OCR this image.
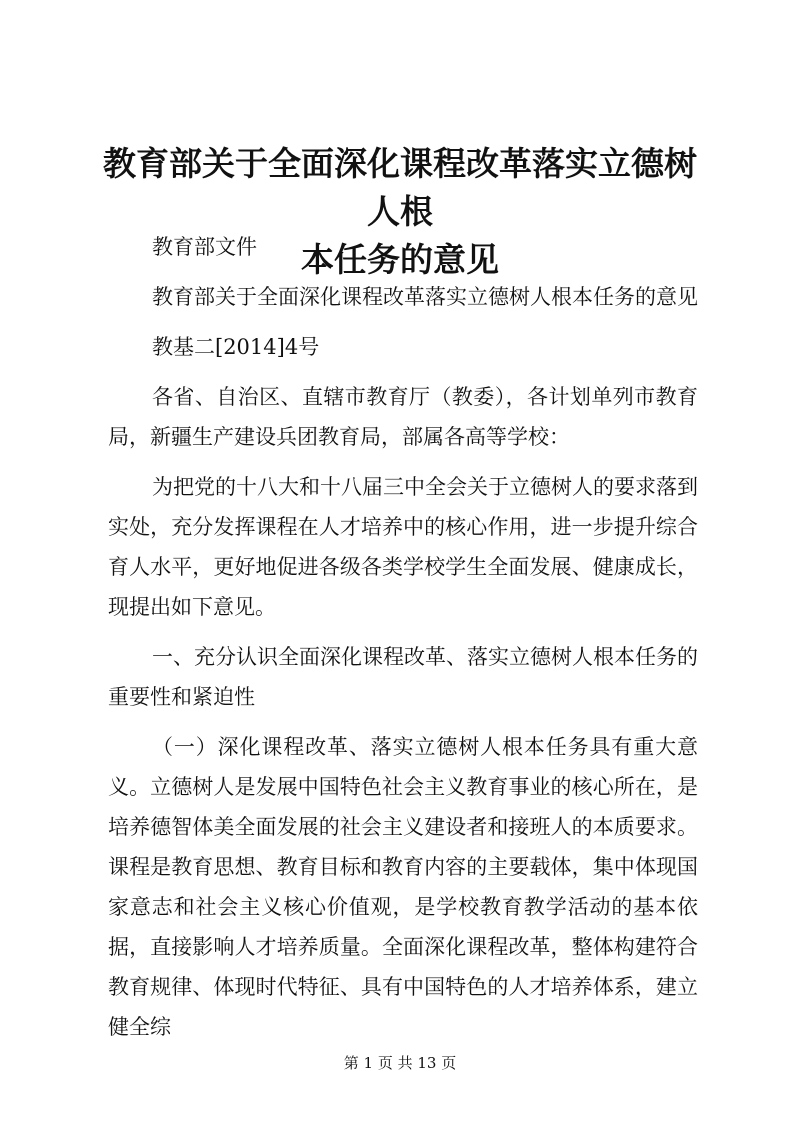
教育部关于全面深化课程改革落实立德树人根
本任务的意见

教育部文件

教育部关于全面深化课程改革落实立德树人根本任务的意见

教基二[2014]4号

各省、自治区、直辖市教育厅（教委），各计划单列市教育局，新疆生产建设兵团教育局，部属各高等学校：

为把党的十八大和十八届三中全会关于立德树人的要求落到实处，充分发挥课程在人才培养中的核心作用，进一步提升综合育人水平，更好地促进各级各类学校学生全面发展、健康成长，现提出如下意见。

一、充分认识全面深化课程改革、落实立德树人根本任务的重要性和紧迫性

（一）深化课程改革、落实立德树人根本任务具有重大意义。立德树人是发展中国特色社会主义教育事业的核心所在，是培养德智体美全面发展的社会主义建设者和接班人的本质要求。课程是教育思想、教育目标和教育内容的主要载体，集中体现国家意志和社会主义核心价值观，是学校教育教学活动的基本依据，直接影响人才培养质量。全面深化课程改革，整体构建符合教育规律、体现时代特征、具有中国特色的人才培养体系，建立健全综

第 1 页 共 13 页
